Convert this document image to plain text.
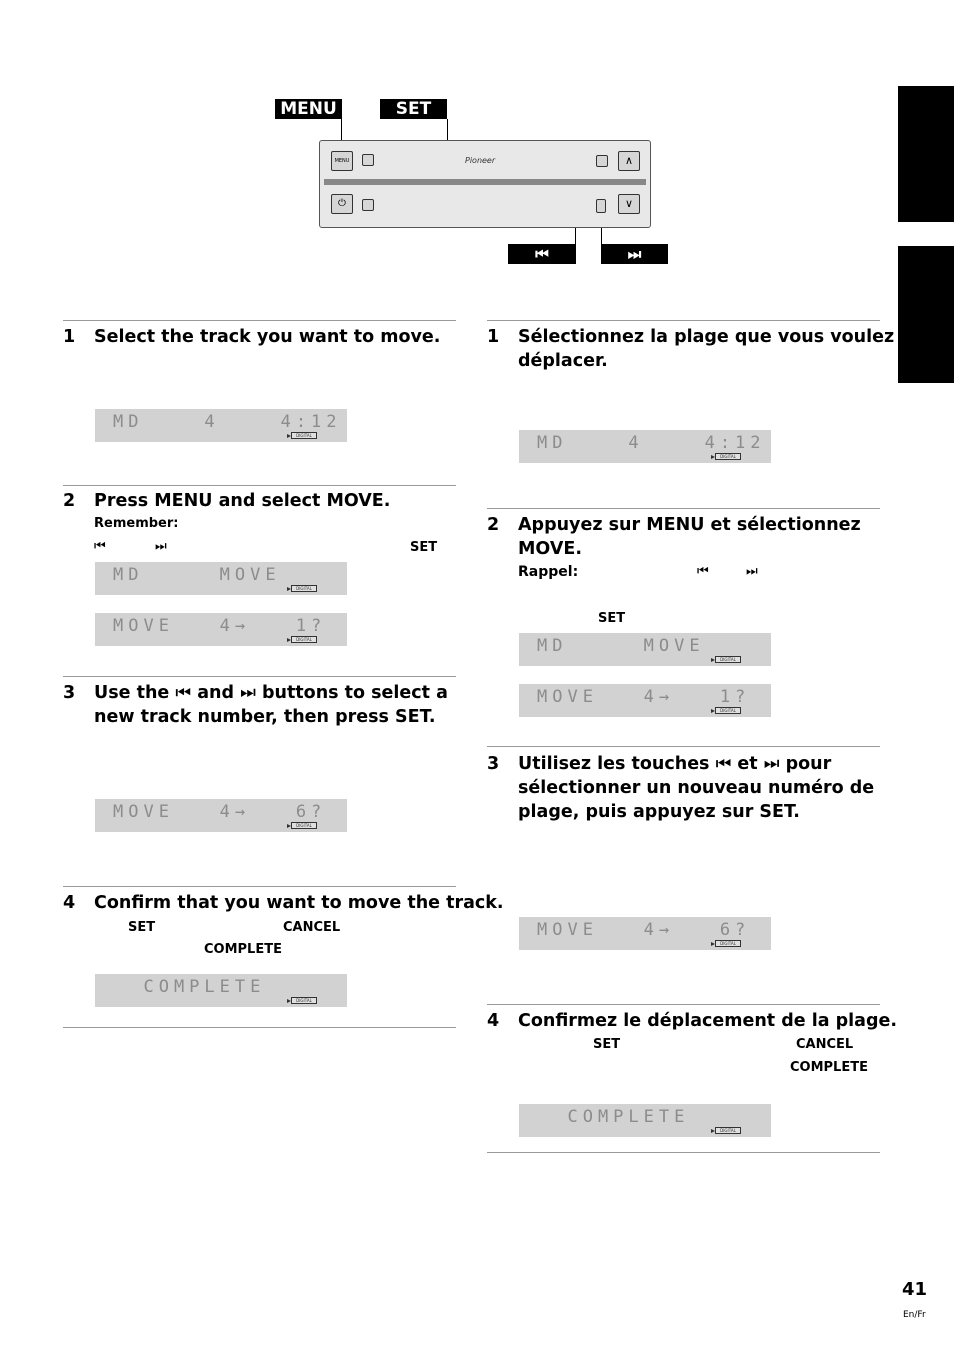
MENU	SET
⏮	⏭
MENU	Pioneer	∧
⏻	∨
1 Select the track you want to move.
MD    4    4:12
DIGITAL
2 Press MENU and select MOVE.
Remember:
⏮	⏭	SET
MD     MOVE
DIGITAL
MOVE   4→   1?
DIGITAL
3 Use the ⏮ and ⏭ buttons to select a
new track number, then press SET.
MOVE   4→   6?
DIGITAL
4 Confirm that you want to move the track.
SET	CANCEL
COMPLETE
COMPLETE
DIGITAL
1 Sélectionnez la plage que vous voulez
déplacer.
MD    4    4:12
DIGITAL
2 Appuyez sur MENU et sélectionnez
MOVE.
Rappel:	⏮	⏭
SET
MD     MOVE
DIGITAL
MOVE   4→   1?
DIGITAL
3 Utilisez les touches ⏮ et ⏭ pour
sélectionner un nouveau numéro de
plage, puis appuyez sur SET.
MOVE   4→   6?
DIGITAL
4 Confirmez le déplacement de la plage.
SET	CANCEL
COMPLETE
COMPLETE
DIGITAL
41
En/Fr
